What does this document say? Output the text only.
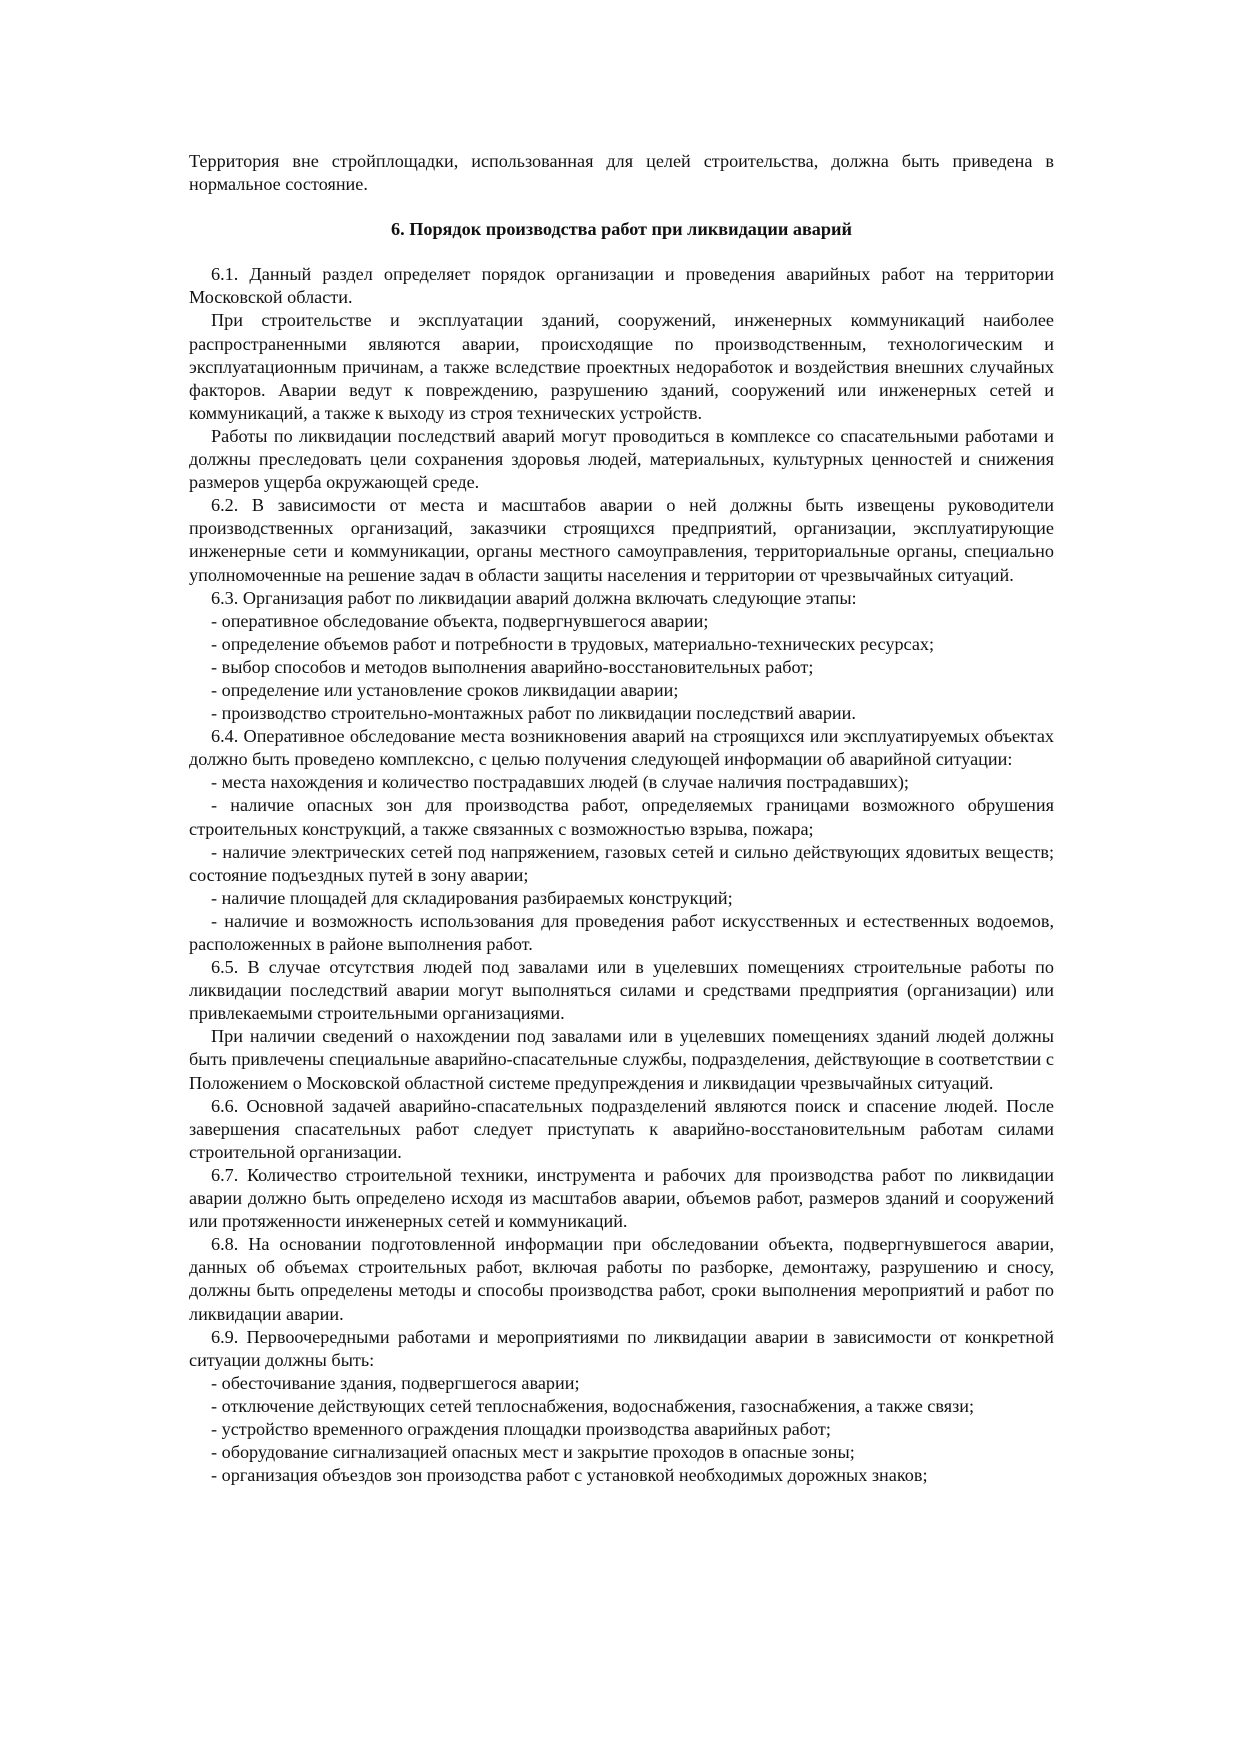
Территория вне стройплощадки, использованная для целей строительства, должна быть приведена в нормальное состояние.

6. Порядок производства работ при ликвидации аварий

6.1. Данный раздел определяет порядок организации и проведения аварийных работ на территории Московской области.

При строительстве и эксплуатации зданий, сооружений, инженерных коммуникаций наиболее распространенными являются аварии, происходящие по производственным, технологическим и эксплуатационным причинам, а также вследствие проектных недоработок и воздействия внешних случайных факторов. Аварии ведут к повреждению, разрушению зданий, сооружений или инженерных сетей и коммуникаций, а также к выходу из строя технических устройств.

Работы по ликвидации последствий аварий могут проводиться в комплексе со спасательными работами и должны преследовать цели сохранения здоровья людей, материальных, культурных ценностей и снижения размеров ущерба окружающей среде.

6.2. В зависимости от места и масштабов аварии о ней должны быть извещены руководители производственных организаций, заказчики строящихся предприятий, организации, эксплуатирующие инженерные сети и коммуникации, органы местного самоуправления, территориальные органы, специально уполномоченные на решение задач в области защиты населения и территории от чрезвычайных ситуаций.

6.3. Организация работ по ликвидации аварий должна включать следующие этапы:

- оперативное обследование объекта, подвергнувшегося аварии;

- определение объемов работ и потребности в трудовых, материально-технических ресурсах;

- выбор способов и методов выполнения аварийно-восстановительных работ;

- определение или установление сроков ликвидации аварии;

- производство строительно-монтажных работ по ликвидации последствий аварии.

6.4. Оперативное обследование места возникновения аварий на строящихся или эксплуатируемых объектах должно быть проведено комплексно, с целью получения следующей информации об аварийной ситуации:

- места нахождения и количество пострадавших людей (в случае наличия пострадавших);

- наличие опасных зон для производства работ, определяемых границами возможного обрушения строительных конструкций, а также связанных с возможностью взрыва, пожара;

- наличие электрических сетей под напряжением, газовых сетей и сильно действующих ядовитых веществ; состояние подъездных путей в зону аварии;

- наличие площадей для складирования разбираемых конструкций;

- наличие и возможность использования для проведения работ искусственных и естественных водоемов, расположенных в районе выполнения работ.

6.5. В случае отсутствия людей под завалами или в уцелевших помещениях строительные работы по ликвидации последствий аварии могут выполняться силами и средствами предприятия (организации) или привлекаемыми строительными организациями.

При наличии сведений о нахождении под завалами или в уцелевших помещениях зданий людей должны быть привлечены специальные аварийно-спасательные службы, подразделения, действующие в соответствии с Положением о Московской областной системе предупреждения и ликвидации чрезвычайных ситуаций.

6.6. Основной задачей аварийно-спасательных подразделений являются поиск и спасение людей. После завершения спасательных работ следует приступать к аварийно-восстановительным работам силами строительной организации.

6.7. Количество строительной техники, инструмента и рабочих для производства работ по ликвидации аварии должно быть определено исходя из масштабов аварии, объемов работ, размеров зданий и сооружений или протяженности инженерных сетей и коммуникаций.

6.8. На основании подготовленной информации при обследовании объекта, подвергнувшегося аварии, данных об объемах строительных работ, включая работы по разборке, демонтажу, разрушению и сносу, должны быть определены методы и способы производства работ, сроки выполнения мероприятий и работ по ликвидации аварии.

6.9. Первоочередными работами и мероприятиями по ликвидации аварии в зависимости от конкретной ситуации должны быть:

- обесточивание здания, подвергшегося аварии;

- отключение действующих сетей теплоснабжения, водоснабжения, газоснабжения, а также связи;

- устройство временного ограждения площадки производства аварийных работ;

- оборудование сигнализацией опасных мест и закрытие проходов в опасные зоны;

- организация объездов зон произодства работ с установкой необходимых дорожных знаков;
